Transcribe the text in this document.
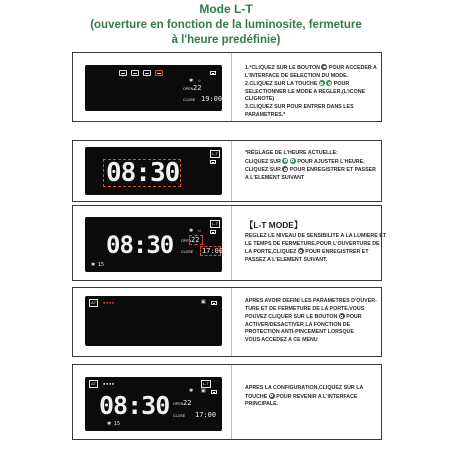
Mode L-T
(ouverture en fonction de la luminosite, fermeture
à l'heure predéfinie)
✱ ☼
OPEN 22
CLOSE 19:00
1.*CLIQUEZ SUR LE BOUTON POUR ACCEDER A
L'INTERFACE DE SELECTION DU MODE.
2.CLIQUEZ SUR LA TOUCHE	POUR
SELECTIONNER LE MODE A REGLER.(L'ICONE
CLIGNOTE)
3.CLIQUEZ SUR POUR ENTRER DANS LES
PARAMETRES.*
L-T
08:30
*RÉGLAGE DE L'HEURE ACTUELLE:
CLIQUEZ SUR	POUR AJUSTER L'HEURE,
CLIQUEZ SUR POUR ENREGISTRER ET PASSER
A L'ELEMENT SUIVANT
L-T
✱ ☼
08:30 OPEN 22
CLOSE 17:00
✱ 15
【L-T MODE】
REGLEZ LE NIVEAU DE SENSIBILITE A LA LUMIERE ET
LE TEMPS DE FERMETURE,POUR L'OUVERTURE DE
LA PORTE,CLIQUEZ POUR ENREGISTRER ET
PASSEZ A L'ELEMENT SUIVANT.
ΔT	●●●●	▣	APRES AVOIR DEFINI LES PARAMETRES D'OUVER-
TURE ET DE FERMETURE DE LA PORTE,VOUS
POUVEZ CLIQUER SUR LE BOUTON POUR
ACTIVER/DESACTIVER LA FONCTION DE
PROTECTION ANTI-PINCEMENT LORSQUE
VOUS ACCEDEZ A CE MENU
ΔT	●●●●	L-T
▣
✱
08:30 OPEN 22
CLOSE 17:00
✱ 15
APRES LA CONFIGURATION,CLIQUEZ SUR LA
TOUCHE POUR REVENIR A L'INTERFACE
PRINCIPALE.
